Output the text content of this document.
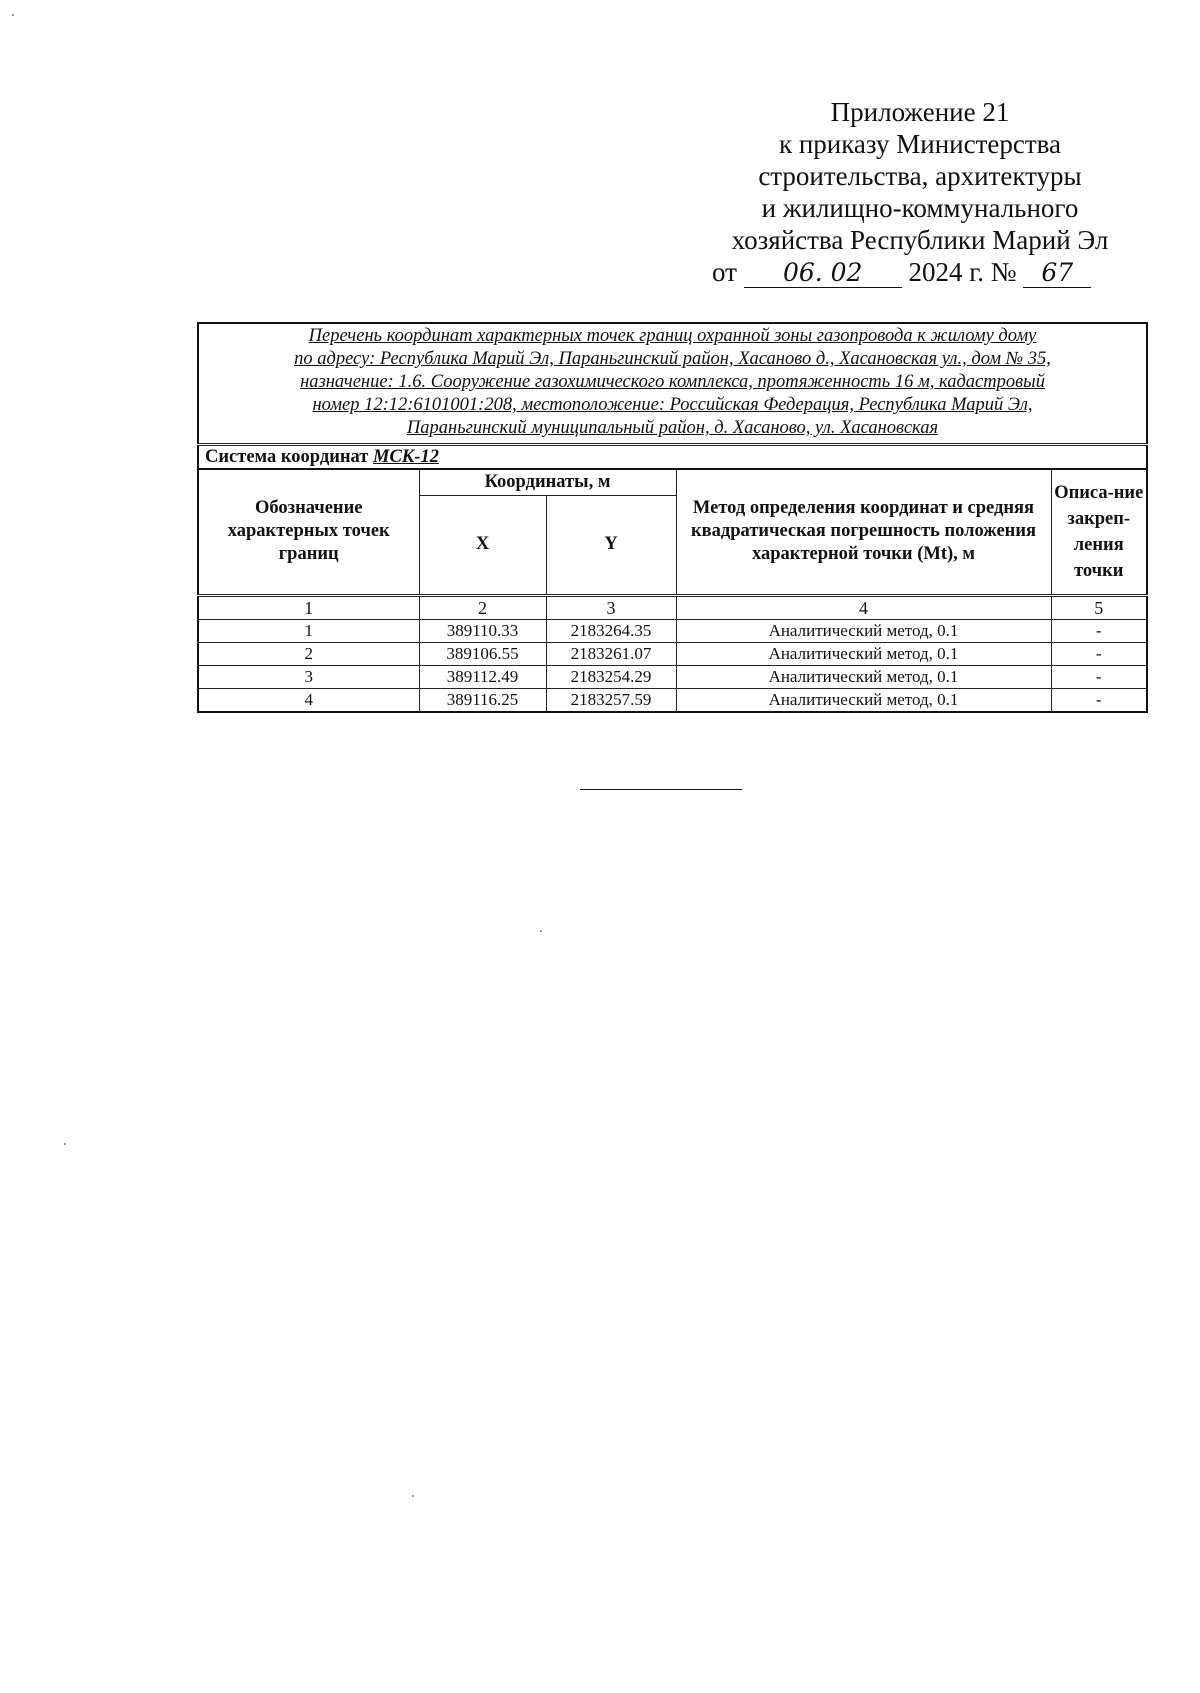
Приложение 21
к приказу Министерства
строительства, архитектуры
и жилищно-коммунального
хозяйства Республики Марий Эл
от 06. 02 2024 г. № 67
Перечень координат характерных точек границ охранной зоны газопровода к жилому дому
по адресу: Республика Марий Эл, Параньгинский район, Хасаново д., Хасановская ул., дом № 35,
назначение: 1.6. Сооружение газохимического комплекса, протяженность 16 м, кадастровый
номер 12:12:6101001:208, местоположение: Российская Федерация, Республика Марий Эл,
Параньгинский муниципальный район, д. Хасаново, ул. Хасановская				

Система координат МСК-12				
Обозначение характерных точек границ	Координаты, м		Метод определения координат и средняя квадратическая погрешность положения характерной точки (Mt), м	Описа-ние закреп-ления точки
	X	Y		
1	2	3	4	5
1	389110.33	2183264.35	Аналитический метод, 0.1	-
2	389106.55	2183261.07	Аналитический метод, 0.1	-
3	389112.49	2183254.29	Аналитический метод, 0.1	-
4	389116.25	2183257.59	Аналитический метод, 0.1	-
